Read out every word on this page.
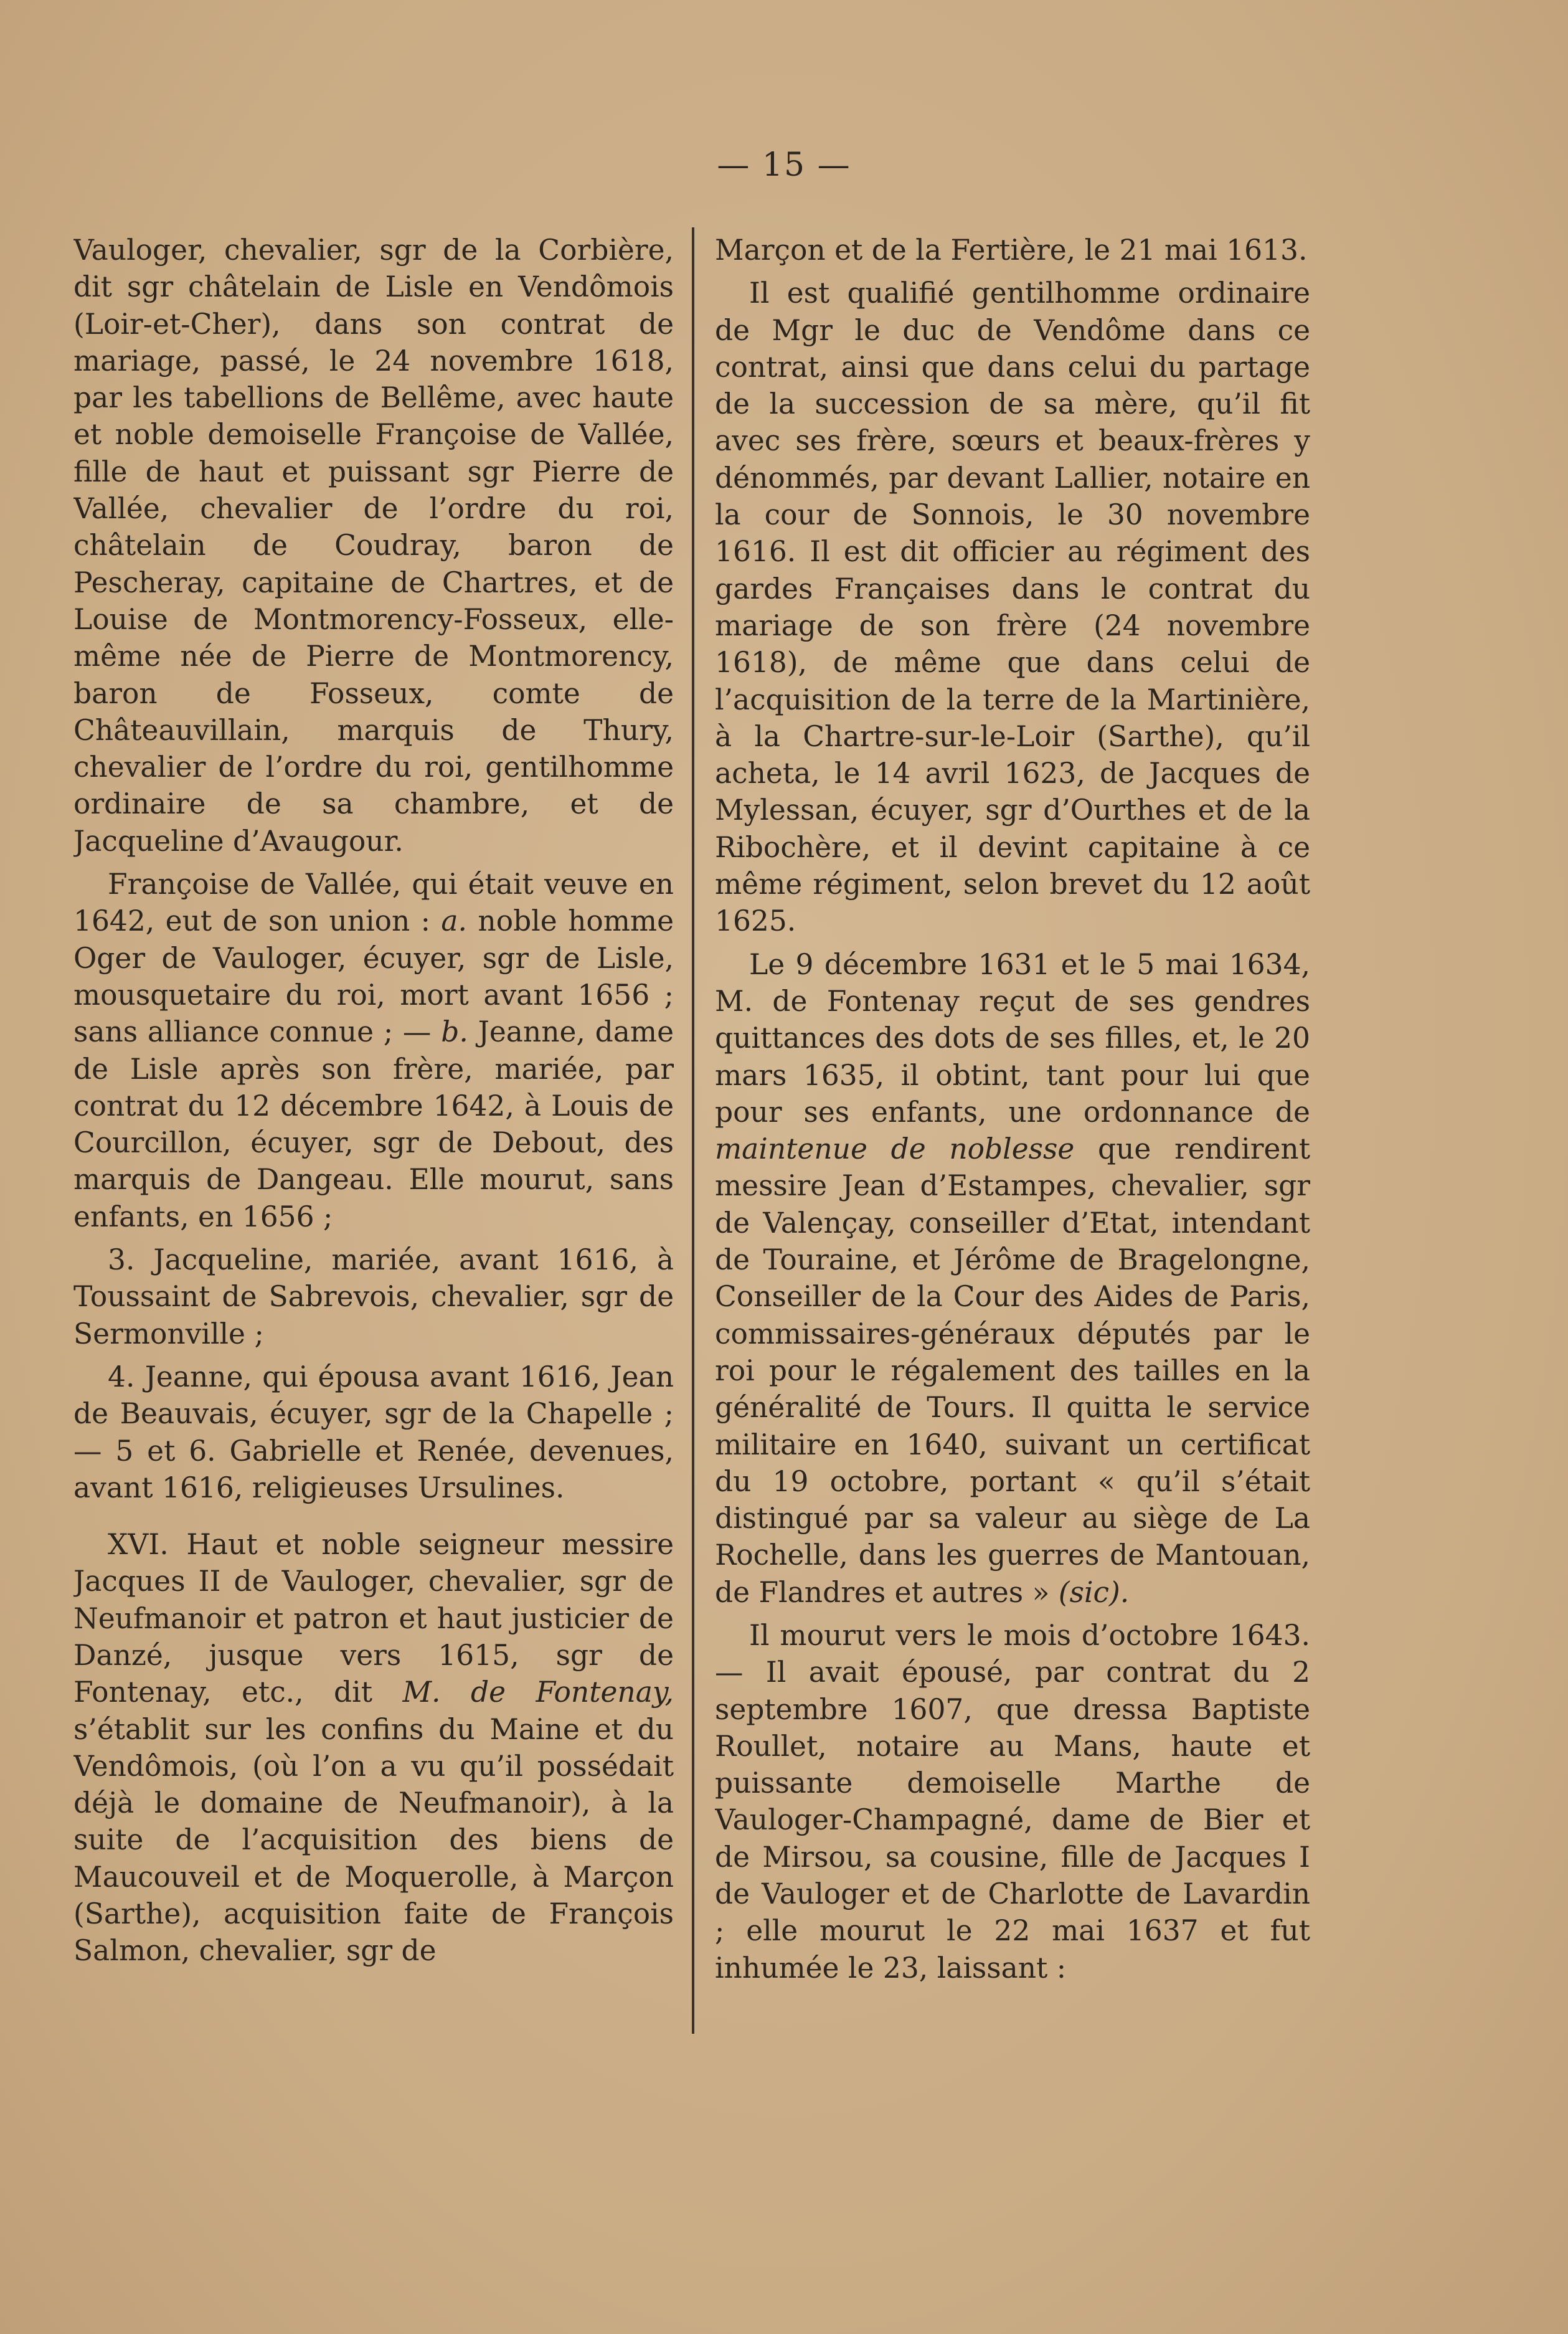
— 15 —

Vauloger, chevalier, sgr de la Corbière, dit sgr châtelain de Lisle en Vendômois (Loir-et-Cher), dans son contrat de mariage, passé, le 24 novembre 1618, par les tabellions de Bellême, avec haute et noble demoiselle Françoise de Vallée, fille de haut et puissant sgr Pierre de Vallée, chevalier de l’ordre du roi, châtelain de Coudray, baron de Pescheray, capitaine de Chartres, et de Louise de Montmorency-Fosseux, elle-même née de Pierre de Montmorency, baron de Fosseux, comte de Châteauvillain, marquis de Thury, chevalier de l’ordre du roi, gentilhomme ordinaire de sa chambre, et de Jacqueline d’Avaugour.

Françoise de Vallée, qui était veuve en 1642, eut de son union : a. noble homme Oger de Vauloger, écuyer, sgr de Lisle, mousquetaire du roi, mort avant 1656 ; sans alliance connue ; — b. Jeanne, dame de Lisle après son frère, mariée, par contrat du 12 décembre 1642, à Louis de Courcillon, écuyer, sgr de Debout, des marquis de Dangeau. Elle mourut, sans enfants, en 1656 ;

3. Jacqueline, mariée, avant 1616, à Toussaint de Sabrevois, chevalier, sgr de Sermonville ;

4. Jeanne, qui épousa avant 1616, Jean de Beauvais, écuyer, sgr de la Chapelle ; — 5 et 6. Gabrielle et Renée, devenues, avant 1616, religieuses Ursulines.

XVI. Haut et noble seigneur messire Jacques II de Vauloger, chevalier, sgr de Neufmanoir et patron et haut justicier de Danzé, jusque vers 1615, sgr de Fontenay, etc., dit M. de Fontenay, s’établit sur les confins du Maine et du Vendômois, (où l’on a vu qu’il possédait déjà le domaine de Neufmanoir), à la suite de l’acquisition des biens de Maucouveil et de Moquerolle, à Marçon (Sarthe), acquisition faite de François Salmon, chevalier, sgr de

Marçon et de la Fertière, le 21 mai 1613.

Il est qualifié gentilhomme ordinaire de Mgr le duc de Vendôme dans ce contrat, ainsi que dans celui du partage de la succession de sa mère, qu’il fit avec ses frère, sœurs et beaux-frères y dénommés, par devant Lallier, notaire en la cour de Sonnois, le 30 novembre 1616. Il est dit officier au régiment des gardes Françaises dans le contrat du mariage de son frère (24 novembre 1618), de même que dans celui de l’acquisition de la terre de la Martinière, à la Chartre-sur-le-Loir (Sarthe), qu’il acheta, le 14 avril 1623, de Jacques de Mylessan, écuyer, sgr d’Ourthes et de la Ribochère, et il devint capitaine à ce même régiment, selon brevet du 12 août 1625.

Le 9 décembre 1631 et le 5 mai 1634, M. de Fontenay reçut de ses gendres quittances des dots de ses filles, et, le 20 mars 1635, il obtint, tant pour lui que pour ses enfants, une ordonnance de maintenue de noblesse que rendirent messire Jean d’Estampes, chevalier, sgr de Valençay, conseiller d’Etat, intendant de Touraine, et Jérôme de Bragelongne, Conseiller de la Cour des Aides de Paris, commissaires-généraux députés par le roi pour le régalement des tailles en la généralité de Tours. Il quitta le service militaire en 1640, suivant un certificat du 19 octobre, portant « qu’il s’était distingué par sa valeur au siège de La Rochelle, dans les guerres de Mantouan, de Flandres et autres » (sic).

Il mourut vers le mois d’octobre 1643. — Il avait épousé, par contrat du 2 septembre 1607, que dressa Baptiste Roullet, notaire au Mans, haute et puissante demoiselle Marthe de Vauloger-Champagné, dame de Bier et de Mirsou, sa cousine, fille de Jacques I de Vauloger et de Charlotte de Lavardin ; elle mourut le 22 mai 1637 et fut inhumée le 23, laissant :
